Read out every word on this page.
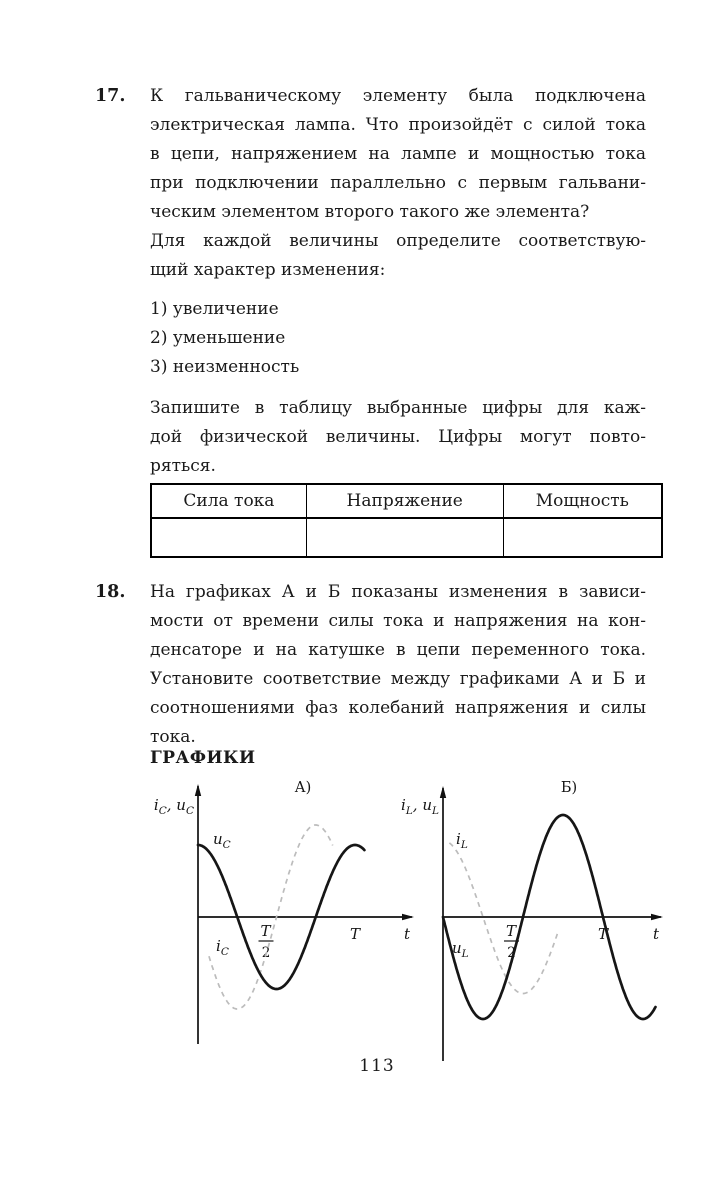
17. К гальваническому элементу была подключена
электрическая лампа. Что произойдёт с силой тока
в цепи, напряжением на лампе и мощностью тока
при подключении параллельно с первым гальвани-
ческим элементом второго такого же элемента?
Для каждой величины определите соответствую-
щий характер изменения:
1) увеличение
2) уменьшение
3) неизменность
Запишите в таблицу выбранные цифры для каж-
дой физической величины. Цифры могут повто-
ряться.
Сила тока	Напряжение	Мощность

18. На графиках А и Б показаны изменения в зависи-
мости от времени силы тока и напряжения на кон-
денсаторе и на катушке в цепи переменного тока.
Установите соответствие между графиками А и Б и
соотношениями фаз колебаний напряжения и силы
тока.
ГРАФИКИ
А)
$i_C$, $u_C$
T
2
T	t
$u_C$
$i_C$
Б)
$i_L$, $u_L$
T
2
T	t
$i_L$
$u_L$
113
